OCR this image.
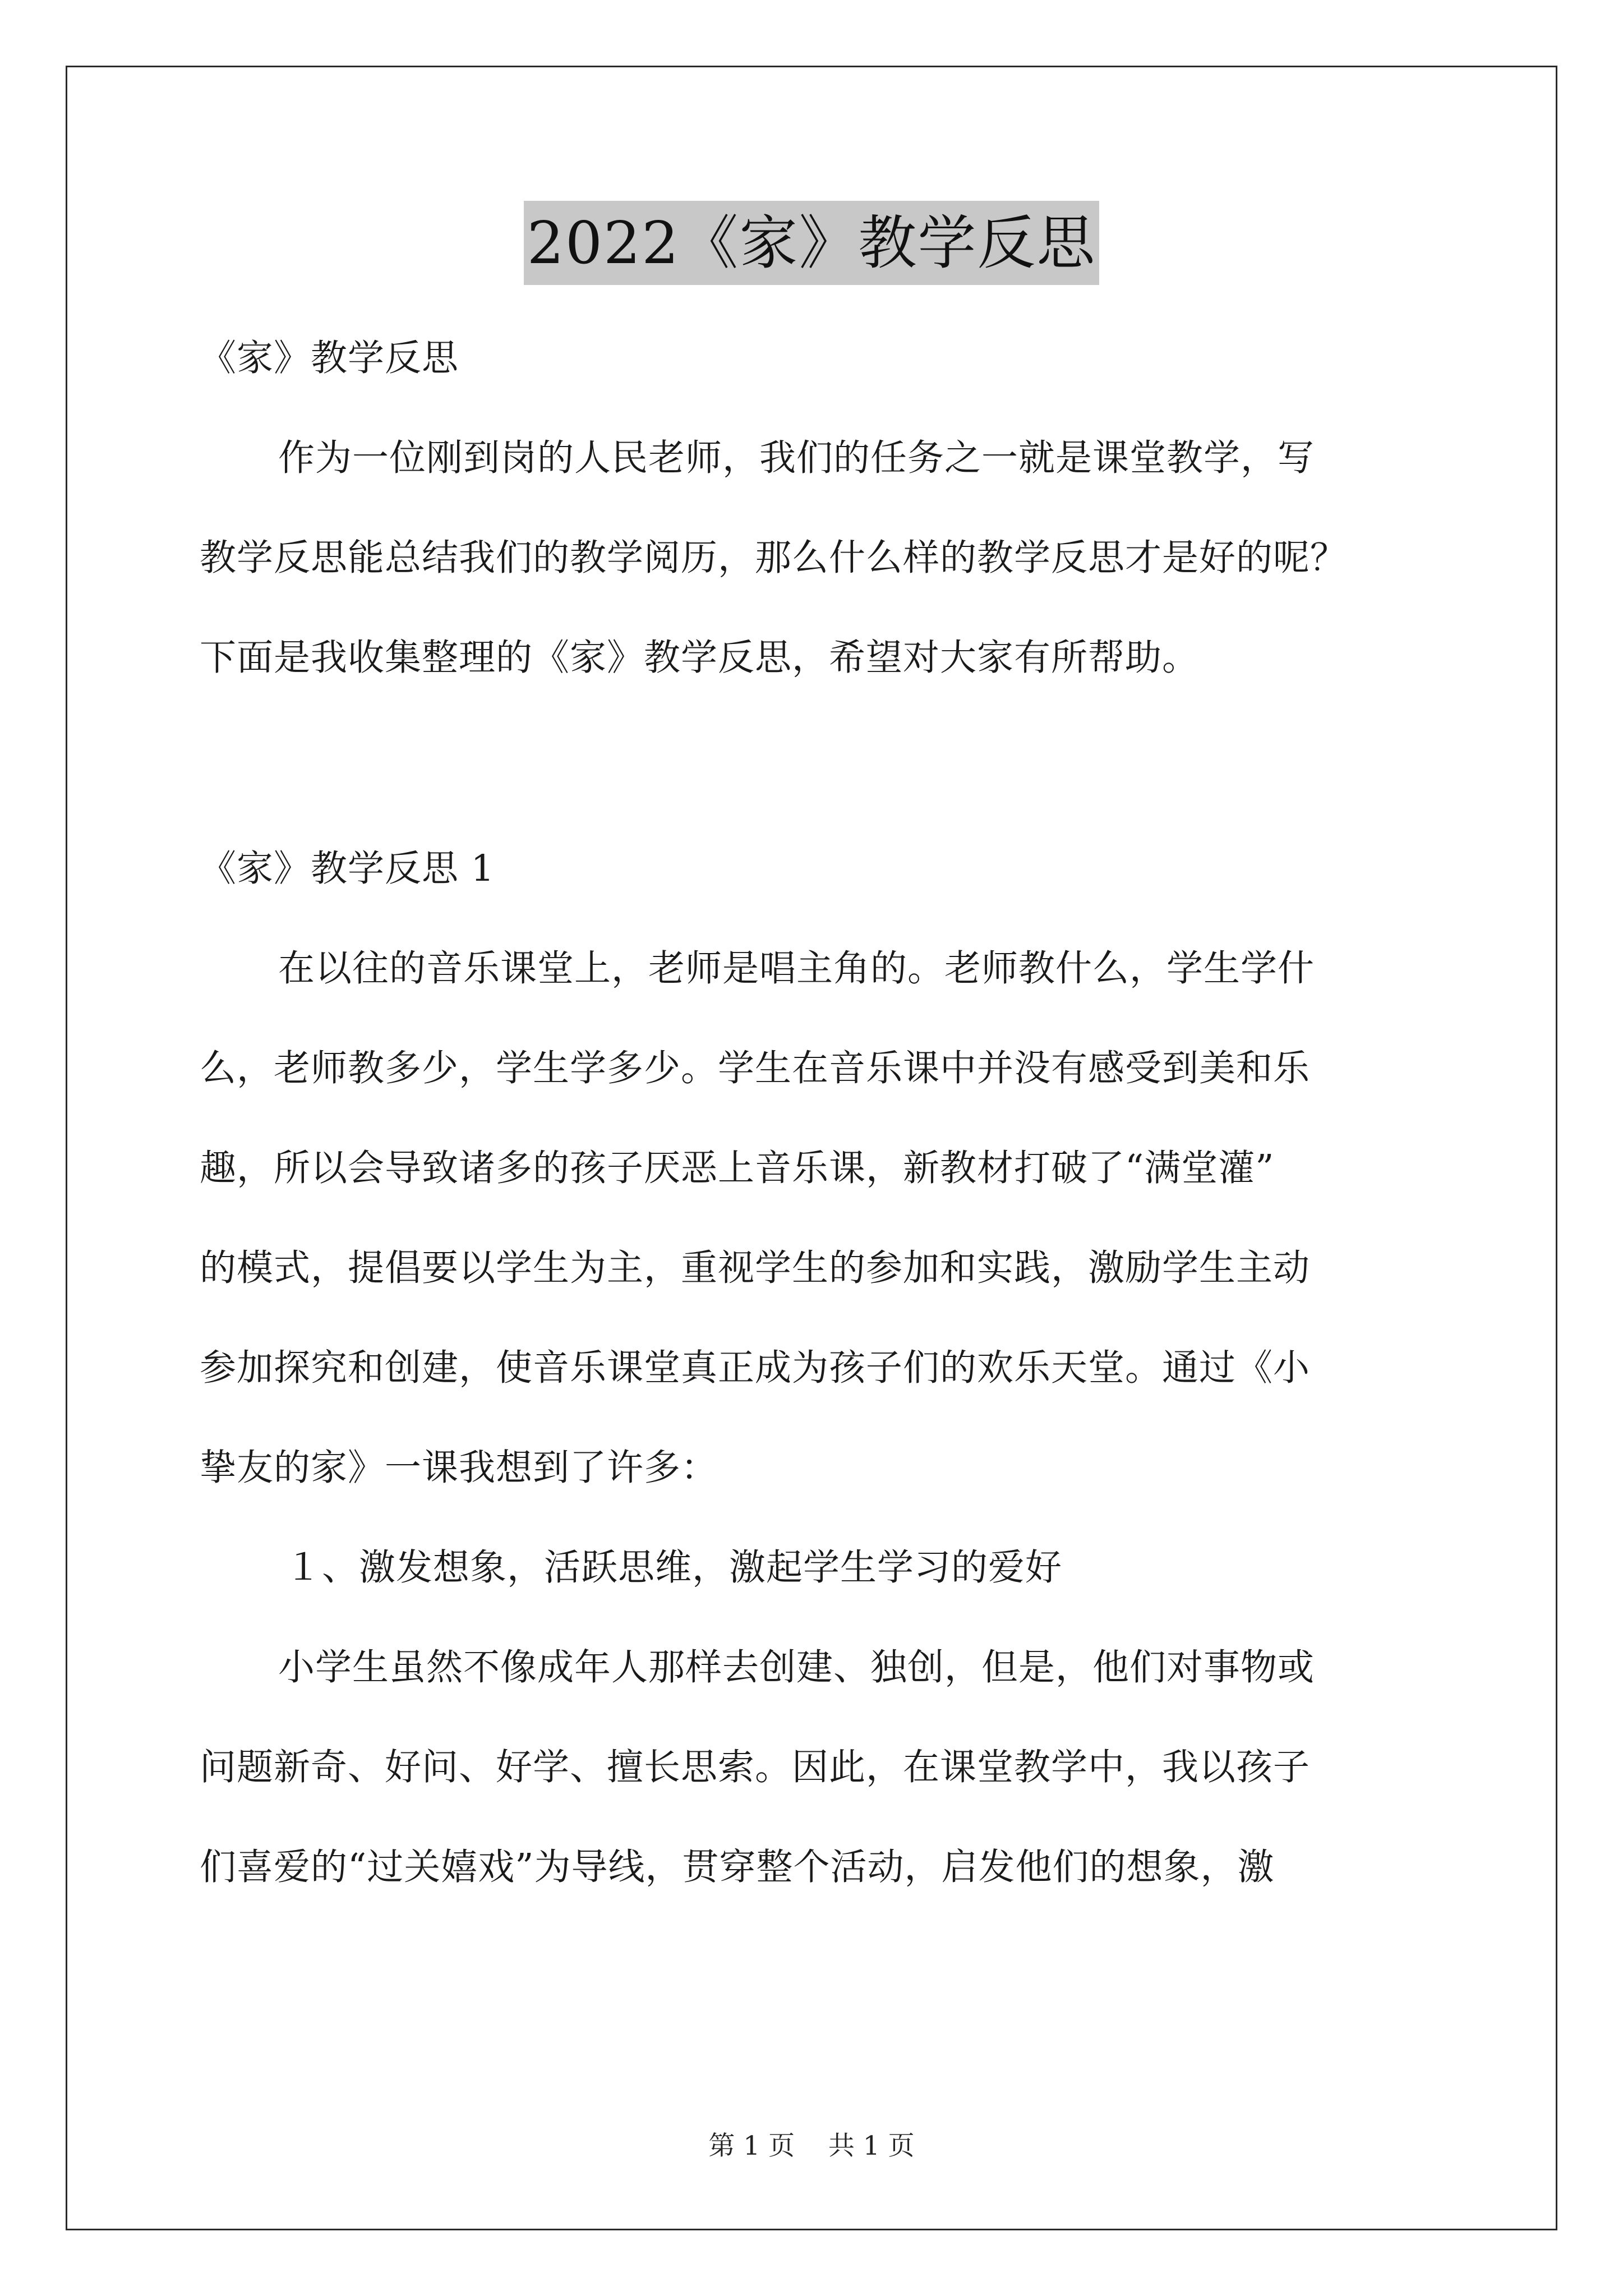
2022《家》教学反思
《家》教学反思
作为一位刚到岗的人民老师，我们的任务之一就是课堂教学，写
教学反思能总结我们的教学阅历，那么什么样的教学反思才是好的呢？
下面是我收集整理的《家》教学反思，希望对大家有所帮助。
《家》教学反思 1
在以往的音乐课堂上，老师是唱主角的。老师教什么，学生学什
么，老师教多少，学生学多少。学生在音乐课中并没有感受到美和乐
趣，所以会导致诸多的孩子厌恶上音乐课，新教材打破了“满堂灌”
的模式，提倡要以学生为主，重视学生的参加和实践，激励学生主动
参加探究和创建，使音乐课堂真正成为孩子们的欢乐天堂。通过《小
挚友的家》一课我想到了许多：
１、激发想象，活跃思维，激起学生学习的爱好
小学生虽然不像成年人那样去创建、独创，但是，他们对事物或
问题新奇、好问、好学、擅长思索。因此，在课堂教学中，我以孩子
们喜爱的“过关嬉戏”为导线，贯穿整个活动，启发他们的想象，激
第 1 页    共 1 页
